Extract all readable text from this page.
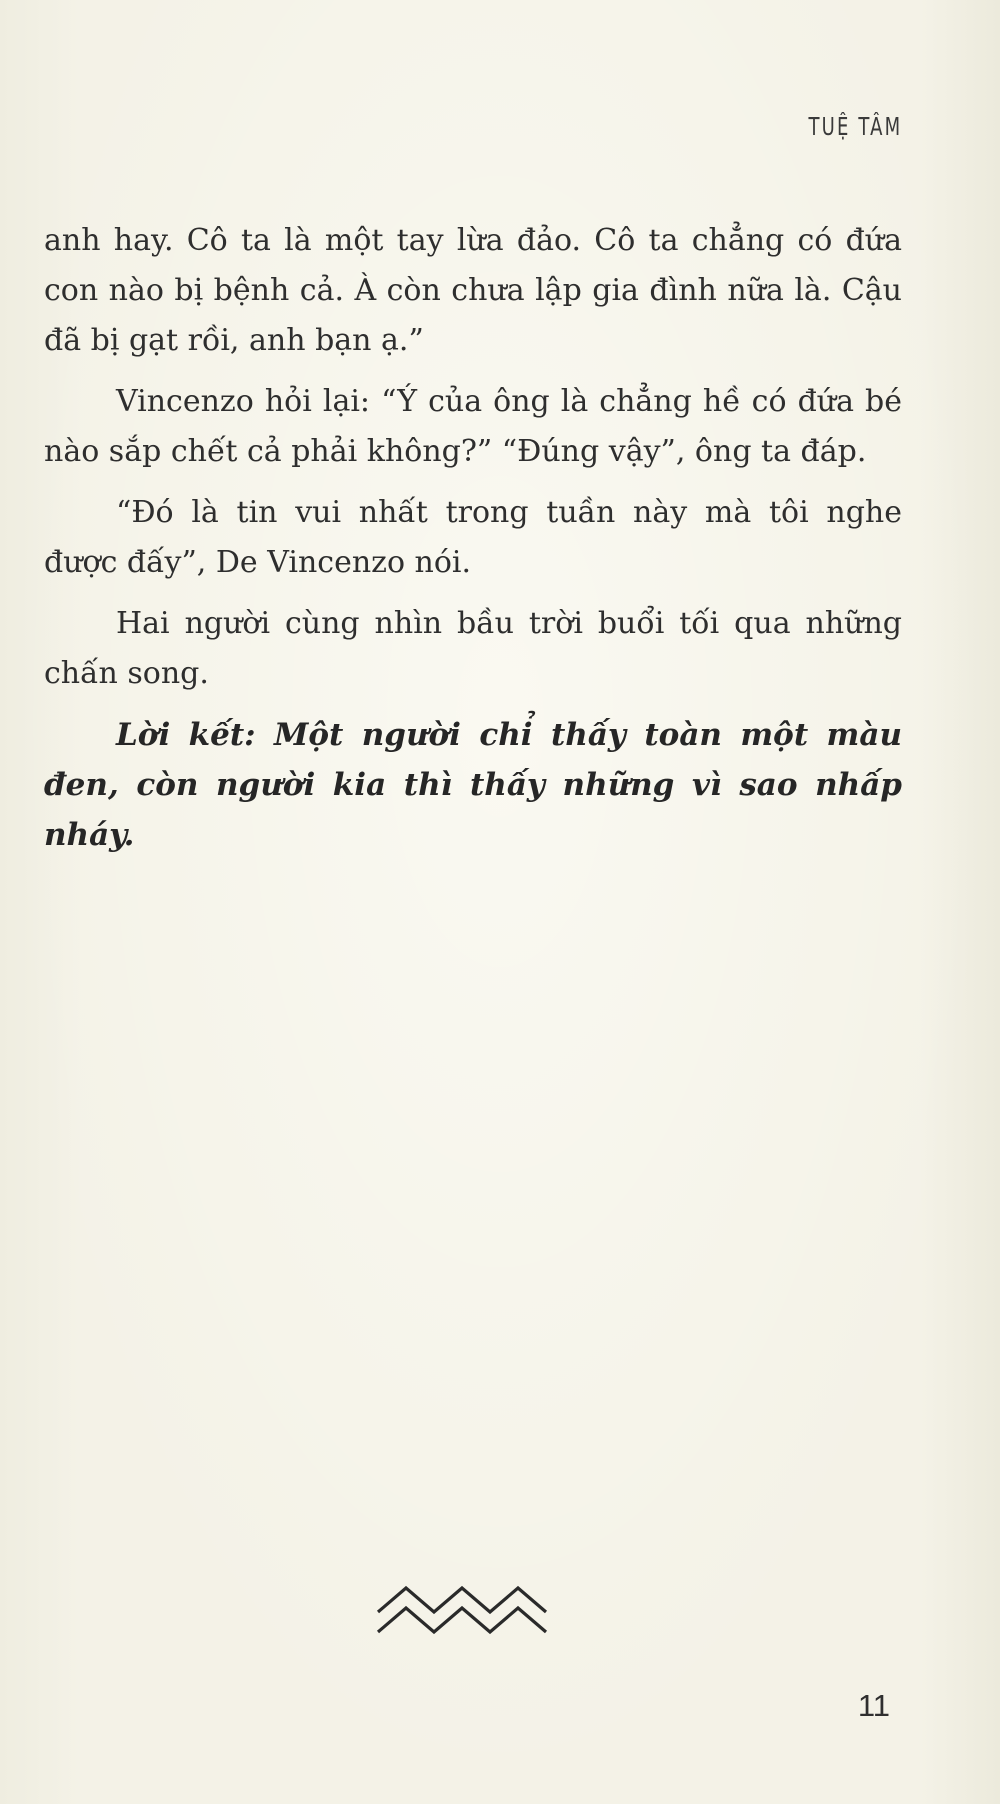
TUỆ TÂM

anh hay. Cô ta là một tay lừa đảo. Cô ta chẳng có đứa con nào bị bệnh cả. À còn chưa lập gia đình nữa là. Cậu đã bị gạt rồi, anh bạn ạ.”

Vincenzo hỏi lại: “Ý của ông là chẳng hề có đứa bé nào sắp chết cả phải không?” “Đúng vậy”, ông ta đáp.

“Đó là tin vui nhất trong tuần này mà tôi nghe được đấy”, De Vincenzo nói.

Hai người cùng nhìn bầu trời buổi tối qua những chấn song.

Lời kết: Một người chỉ thấy toàn một màu đen, còn người kia thì thấy những vì sao nhấp nháy.

11
